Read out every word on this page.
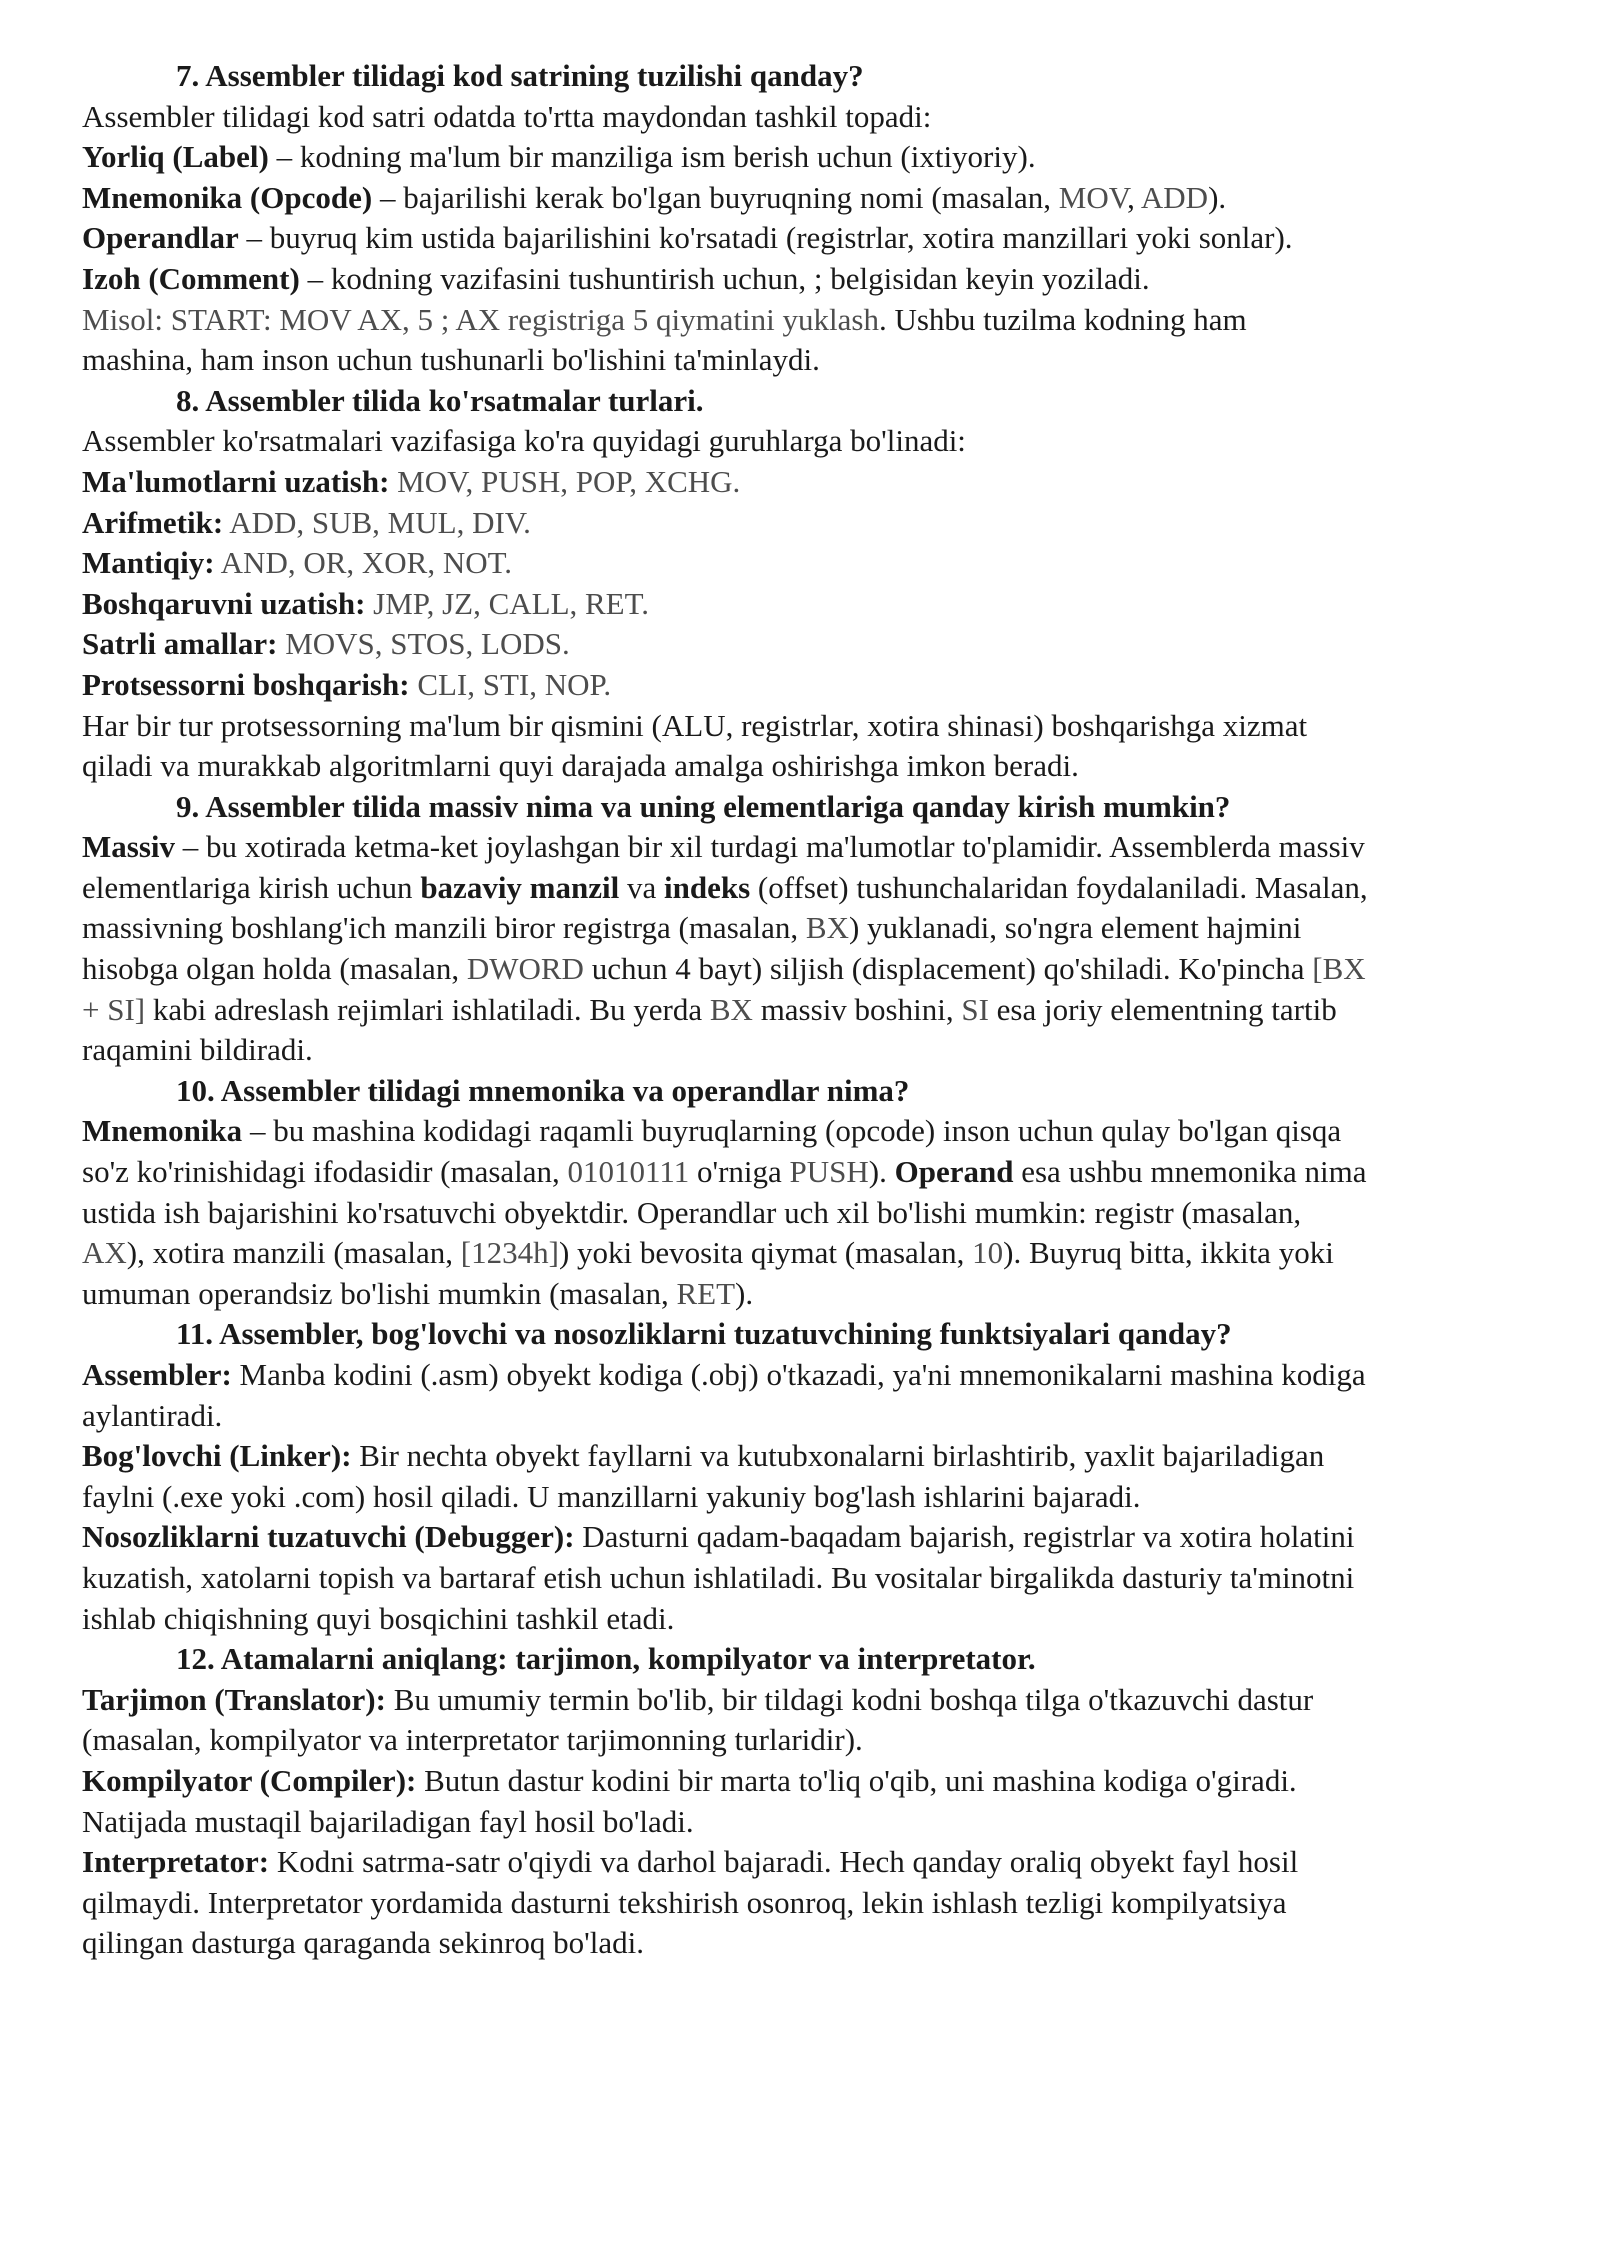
7. Assembler tilidagi kod satrining tuzilishi qanday?
Assembler tilidagi kod satri odatda to'rtta maydondan tashkil topadi:
Yorliq (Label) – kodning ma'lum bir manziliga ism berish uchun (ixtiyoriy).
Mnemonika (Opcode) – bajarilishi kerak bo'lgan buyruqning nomi (masalan, MOV, ADD).
Operandlar – buyruq kim ustida bajarilishini ko'rsatadi (registrlar, xotira manzillari yoki sonlar).
Izoh (Comment) – kodning vazifasini tushuntirish uchun, ; belgisidan keyin yoziladi.
Misol: START: MOV AX, 5 ; AX registriga 5 qiymatini yuklash. Ushbu tuzilma kodning ham
mashina, ham inson uchun tushunarli bo'lishini ta'minlaydi.
8. Assembler tilida ko'rsatmalar turlari.
Assembler ko'rsatmalari vazifasiga ko'ra quyidagi guruhlarga bo'linadi:
Ma'lumotlarni uzatish: MOV, PUSH, POP, XCHG.
Arifmetik: ADD, SUB, MUL, DIV.
Mantiqiy: AND, OR, XOR, NOT.
Boshqaruvni uzatish: JMP, JZ, CALL, RET.
Satrli amallar: MOVS, STOS, LODS.
Protsessorni boshqarish: CLI, STI, NOP.
Har bir tur protsessorning ma'lum bir qismini (ALU, registrlar, xotira shinasi) boshqarishga xizmat
qiladi va murakkab algoritmlarni quyi darajada amalga oshirishga imkon beradi.
9. Assembler tilida massiv nima va uning elementlariga qanday kirish mumkin?
Massiv – bu xotirada ketma-ket joylashgan bir xil turdagi ma'lumotlar to'plamidir. Assemblerda massiv
elementlariga kirish uchun bazaviy manzil va indeks (offset) tushunchalaridan foydalaniladi. Masalan,
massivning boshlang'ich manzili biror registrga (masalan, BX) yuklanadi, so'ngra element hajmini
hisobga olgan holda (masalan, DWORD uchun 4 bayt) siljish (displacement) qo'shiladi. Ko'pincha [BX
+ SI] kabi adreslash rejimlari ishlatiladi. Bu yerda BX massiv boshini, SI esa joriy elementning tartib
raqamini bildiradi.
10. Assembler tilidagi mnemonika va operandlar nima?
Mnemonika – bu mashina kodidagi raqamli buyruqlarning (opcode) inson uchun qulay bo'lgan qisqa
so'z ko'rinishidagi ifodasidir (masalan, 01010111 o'rniga PUSH). Operand esa ushbu mnemonika nima
ustida ish bajarishini ko'rsatuvchi obyektdir. Operandlar uch xil bo'lishi mumkin: registr (masalan,
AX), xotira manzili (masalan, [1234h]) yoki bevosita qiymat (masalan, 10). Buyruq bitta, ikkita yoki
umuman operandsiz bo'lishi mumkin (masalan, RET).
11. Assembler, bog'lovchi va nosozliklarni tuzatuvchining funktsiyalari qanday?
Assembler: Manba kodini (.asm) obyekt kodiga (.obj) o'tkazadi, ya'ni mnemonikalarni mashina kodiga
aylantiradi.
Bog'lovchi (Linker): Bir nechta obyekt fayllarni va kutubxonalarni birlashtirib, yaxlit bajariladigan
faylni (.exe yoki .com) hosil qiladi. U manzillarni yakuniy bog'lash ishlarini bajaradi.
Nosozliklarni tuzatuvchi (Debugger): Dasturni qadam-baqadam bajarish, registrlar va xotira holatini
kuzatish, xatolarni topish va bartaraf etish uchun ishlatiladi. Bu vositalar birgalikda dasturiy ta'minotni
ishlab chiqishning quyi bosqichini tashkil etadi.
12. Atamalarni aniqlang: tarjimon, kompilyator va interpretator.
Tarjimon (Translator): Bu umumiy termin bo'lib, bir tildagi kodni boshqa tilga o'tkazuvchi dastur
(masalan, kompilyator va interpretator tarjimonning turlaridir).
Kompilyator (Compiler): Butun dastur kodini bir marta to'liq o'qib, uni mashina kodiga o'giradi.
Natijada mustaqil bajariladigan fayl hosil bo'ladi.
Interpretator: Kodni satrma-satr o'qiydi va darhol bajaradi. Hech qanday oraliq obyekt fayl hosil
qilmaydi. Interpretator yordamida dasturni tekshirish osonroq, lekin ishlash tezligi kompilyatsiya
qilingan dasturga qaraganda sekinroq bo'ladi.
